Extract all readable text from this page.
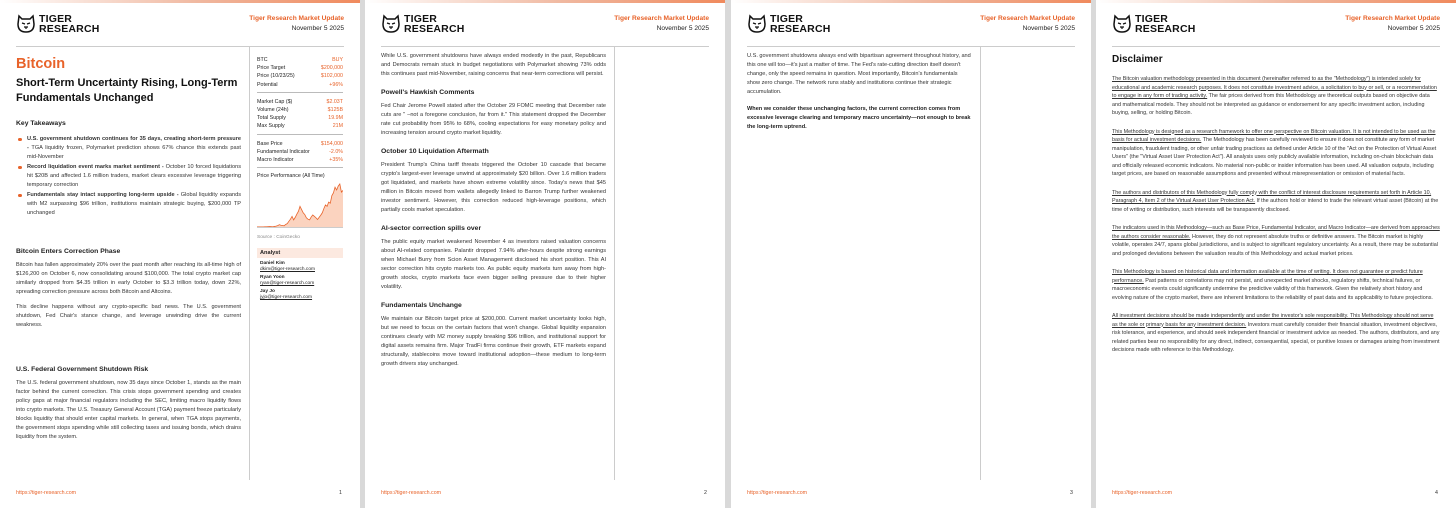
TIGER
RESEARCH
Tiger Research Market Update
November 5 2025
Bitcoin
Short-Term Uncertainty Rising, Long-Term Fundamentals Unchanged
Key Takeaways
U.S. government shutdown continues for 35 days, creating short-term pressure - TGA liquidity frozen, Polymarket prediction shows 67% chance this extends past mid-November
Record liquidation event marks market sentiment - October 10 forced liquidations hit $20B and affected 1.6 million traders, market clears excessive leverage triggering temporary correction
Fundamentals stay intact supporting long-term upside - Global liquidity expands with M2 surpassing $96 trillion, institutions maintain strategic buying, $200,000 TP unchanged
Bitcoin Enters Correction Phase

Bitcoin has fallen approximately 20% over the past month after reaching its all-time high of $126,200 on October 6, now consolidating around $100,000. The total crypto market cap similarly dropped from $4.35 trillion in early October to $3.3 trillion today, down 22%, spreading correction pressure across both Bitcoin and Altcoins.

This decline happens without any crypto-specific bad news. The U.S. government shutdown, Fed Chair's stance change, and leverage unwinding drive the current weakness.

U.S. Federal Government Shutdown Risk

The U.S. federal government shutdown, now 35 days since October 1, stands as the main factor behind the current correction. This crisis stops government spending and creates policy gaps at major financial regulators including the SEC, limiting macro liquidity flows into crypto markets. The U.S. Treasury General Account (TGA) payment freeze particularly blocks liquidity that should enter capital markets. In general, when TGA stops payments, the government stops spending while still collecting taxes and issuing bonds, which drains liquidity from the system.

BTC	BUY
Price Target	$200,000
Price (10/23/25)	$102,000
Potential	+96%
Market Cap ($)	$2.03T
Volume (24h)	$125B
Total Supply	19.9M
Max Supply	21M
Base Price	$154,000
Fundamental Indicator	-2.0%
Macro Indicator	+35%
Price Performance (All Time)
Source : CoinGecko
Analyst
Daniel Kim
dkim@tiger-research.com
Ryan Yoon
ryan@tiger-research.com
Jay Jo
jyjo@tiger-research.com
https://tiger-research.com	1
TIGER
RESEARCH
Tiger Research Market Update
November 5 2025

While U.S. government shutdowns have always ended modestly in the past, Republicans and Democrats remain stuck in budget negotiations with Polymarket showing 73% odds this continues past mid-November, raising concerns that near-term corrections will persist.

Powell's Hawkish Comments

Fed Chair Jerome Powell stated after the October 29 FOMC meeting that December rate cuts are " –not a foregone conclusion, far from it." This statement dropped the December rate cut probability from 95% to 68%, cooling expectations for easy monetary policy and increasing tension around crypto market liquidity.

October 10 Liquidation Aftermath

President Trump's China tariff threats triggered the October 10 cascade that became crypto's largest-ever leverage unwind at approximately $20 billion. Over 1.6 million traders got liquidated, and markets have shown extreme volatility since. Today's news that $45 million in Bitcoin moved from wallets allegedly linked to Barron Trump further weakened investor sentiment. However, this correction reduced high-leverage positions, which partially cools market speculation.

AI-sector correction spills over

The public equity market weakened November 4 as investors raised valuation concerns about AI-related companies. Palantir dropped 7.94% after-hours despite strong earnings when Michael Burry from Scion Asset Management disclosed his short position. This AI sector correction hits crypto markets too. As public equity markets turn away from high-growth stocks, crypto markets face even bigger selling pressure due to their higher volatility.

Fundamentals Unchange

We maintain our Bitcoin target price at $200,000. Current market uncertainty looks high, but we need to focus on the certain factors that won't change. Global liquidity expansion continues clearly with M2 money supply breaking $96 trillion, and institutional support for digital assets remains firm. Major TradFi firms continue their growth, ETF markets expand structurally, stablecoins move toward institutional adoption—these medium to long-term growth drivers stay unchanged.

https://tiger-research.com	2
TIGER
RESEARCH
Tiger Research Market Update
November 5 2025

U.S. government shutdowns always end with bipartisan agreement throughout history, and this one will too—it's just a matter of time. The Fed's rate-cutting direction itself doesn't change, only the speed remains in question. Most importantly, Bitcoin's fundamentals show zero change. The network runs stably and institutions continue their strategic accumulation.

When we consider these unchanging factors, the current correction comes from excessive leverage clearing and temporary macro uncertainty—not enough to break the long-term uptrend.

https://tiger-research.com	3
TIGER
RESEARCH
Tiger Research Market Update
November 5 2025
Disclaimer

The Bitcoin valuation methodology presented in this document (hereinafter referred to as the "Methodology") is intended solely for educational and academic research purposes. It does not constitute investment advice, a solicitation to buy or sell, or a recommendation to engage in any form of trading activity. The fair prices derived from this Methodology are theoretical outputs based on objective data and mathematical models. They should not be interpreted as guidance or endorsement for any specific investment action, including buying, selling, or holding Bitcoin.

This Methodology is designed as a research framework to offer one perspective on Bitcoin valuation. It is not intended to be used as the basis for actual investment decisions. The Methodology has been carefully reviewed to ensure it does not constitute any form of market manipulation, fraudulent trading, or other unfair trading practices as defined under Article 10 of the "Act on the Protection of Virtual Asset Users" (the "Virtual Asset User Protection Act"). All analysis uses only publicly available information, including on-chain blockchain data and officially released economic indicators. No material non-public or insider information has been used. All valuation outputs, including target prices, are based on reasonable assumptions and presented without misrepresentation or omission of material facts.

The authors and distributors of this Methodology fully comply with the conflict of interest disclosure requirements set forth in Article 10, Paragraph 4, Item 2 of the Virtual Asset User Protection Act. If the authors hold or intend to trade the relevant virtual asset (Bitcoin) at the time of writing or distribution, such interests will be transparently disclosed.

The indicators used in this Methodology—such as Base Price, Fundamental Indicator, and Macro Indicator—are derived from approaches the authors consider reasonable. However, they do not represent absolute truths or definitive answers. The Bitcoin market is highly volatile, operates 24/7, spans global jurisdictions, and is subject to significant regulatory uncertainty. As a result, there may be substantial and prolonged deviations between the valuation results of this Methodology and actual market prices.

This Methodology is based on historical data and information available at the time of writing. It does not guarantee or predict future performance. Past patterns or correlations may not persist, and unexpected market shocks, regulatory shifts, technical failures, or macroeconomic events could significantly undermine the predictive validity of this framework. Given the relatively short history and evolving nature of the crypto market, there are inherent limitations to the reliability of past data and its applicability to future projections.

All investment decisions should be made independently and under the investor's sole responsibility. This Methodology should not serve as the sole or primary basis for any investment decision. Investors must carefully consider their financial situation, investment objectives, risk tolerance, and experience, and should seek independent financial or investment advice as needed. The authors, distributors, and any related parties bear no responsibility for any direct, indirect, consequential, special, or punitive losses or damages arising from investment decisions made with reference to this Methodology.

https://tiger-research.com	4
